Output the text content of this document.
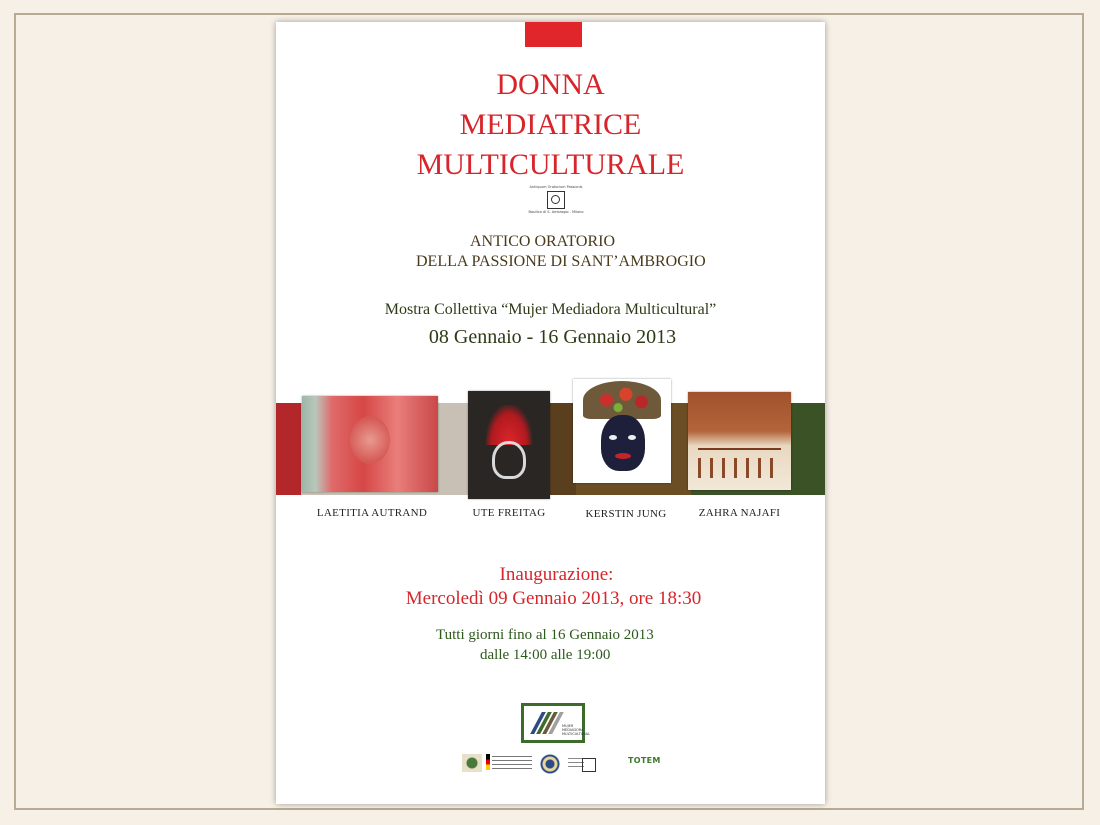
DONNA
MEDIATRICE
MULTICULTURALE
Antiquum Oratorium Passionis
Basilica di S. Ambrogio - Milano
ANTICO ORATORIO
DELLA PASSIONE DI SANT’AMBROGIO
Mostra Collettiva “Mujer Mediadora Multicultural”
08 Gennaio - 16 Gennaio 2013
LAETITIA AUTRAND	UTE FREITAG	KERSTIN JUNG	ZAHRA NAJAFI
Inaugurazione:
Mercoledì 09 Gennaio 2013, ore 18:30
Tutti giorni fino al 16 Gennaio 2013
dalle 14:00 alle 19:00
MUJER
MEDIADORA
MULTICULTURAL
TOTEM
